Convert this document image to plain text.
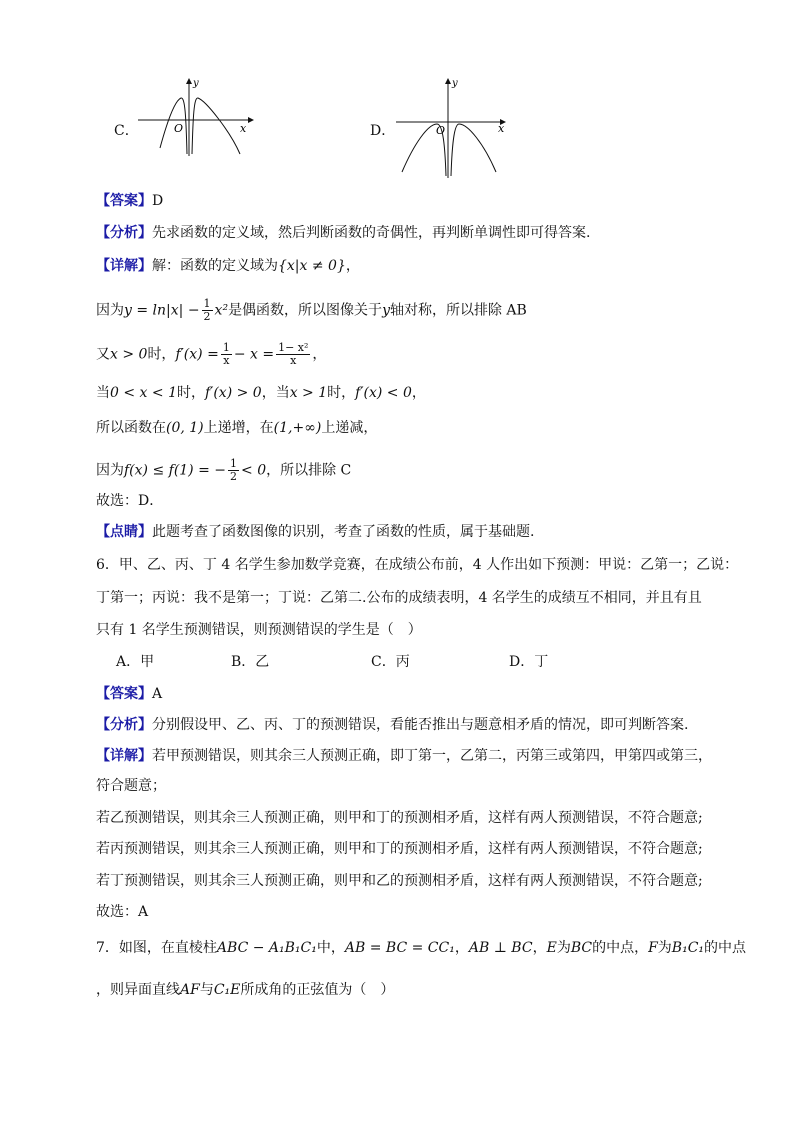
C．
y
x
O	D．
y
x
O
【答案】D
【分析】先求函数的定义域，然后判断函数的奇偶性，再判断单调性即可得答案.
【详解】解：函数的定义域为{x|x ≠ 0}，
因为$y = \ln|x| - \frac{1}{2} x^2$是偶函数，所以图像关于y轴对称，所以排除 AB
又x > 0时，$f'(x) = \frac{1}{x} - x = \frac{\text{1− x²}}{x}$ ，
当0 < x < 1时，f′(x) > 0，当x > 1时，f′(x) < 0，
所以函数在(0, 1)上递增，在(1,+∞)上递减，
因为f(x) ≤ f(1) = − $\frac{1}{2} < 0$，所以排除 C
故选：D．
【点睛】此题考查了函数图像的识别，考查了函数的性质，属于基础题.
6．甲、乙、丙、丁 4 名学生参加数学竞赛，在成绩公布前，4 人作出如下预测：甲说：乙第一；乙说：
丁第一；丙说：我不是第一；丁说：乙第二.公布的成绩表明，4 名学生的成绩互不相同，并且有且
只有 1 名学生预测错误，则预测错误的学生是（　）
A．甲	B．乙	C．丙	D．丁
【答案】A
【分析】分别假设甲、乙、丙、丁的预测错误，看能否推出与题意相矛盾的情况，即可判断答案.
【详解】若甲预测错误，则其余三人预测正确，即丁第一，乙第二，丙第三或第四，甲第四或第三，
符合题意；
若乙预测错误，则其余三人预测正确，则甲和丁的预测相矛盾，这样有两人预测错误，不符合题意;
若丙预测错误，则其余三人预测正确，则甲和丁的预测相矛盾，这样有两人预测错误，不符合题意;
若丁预测错误，则其余三人预测正确，则甲和乙的预测相矛盾，这样有两人预测错误，不符合题意;
故选：A
7．如图，在直棱柱ABC − A₁B₁C₁中，AB = BC = CC₁，AB ⊥ BC，E为BC的中点，F为B₁C₁的中点
，则异面直线AF与C₁E所成角的正弦值为（　）
